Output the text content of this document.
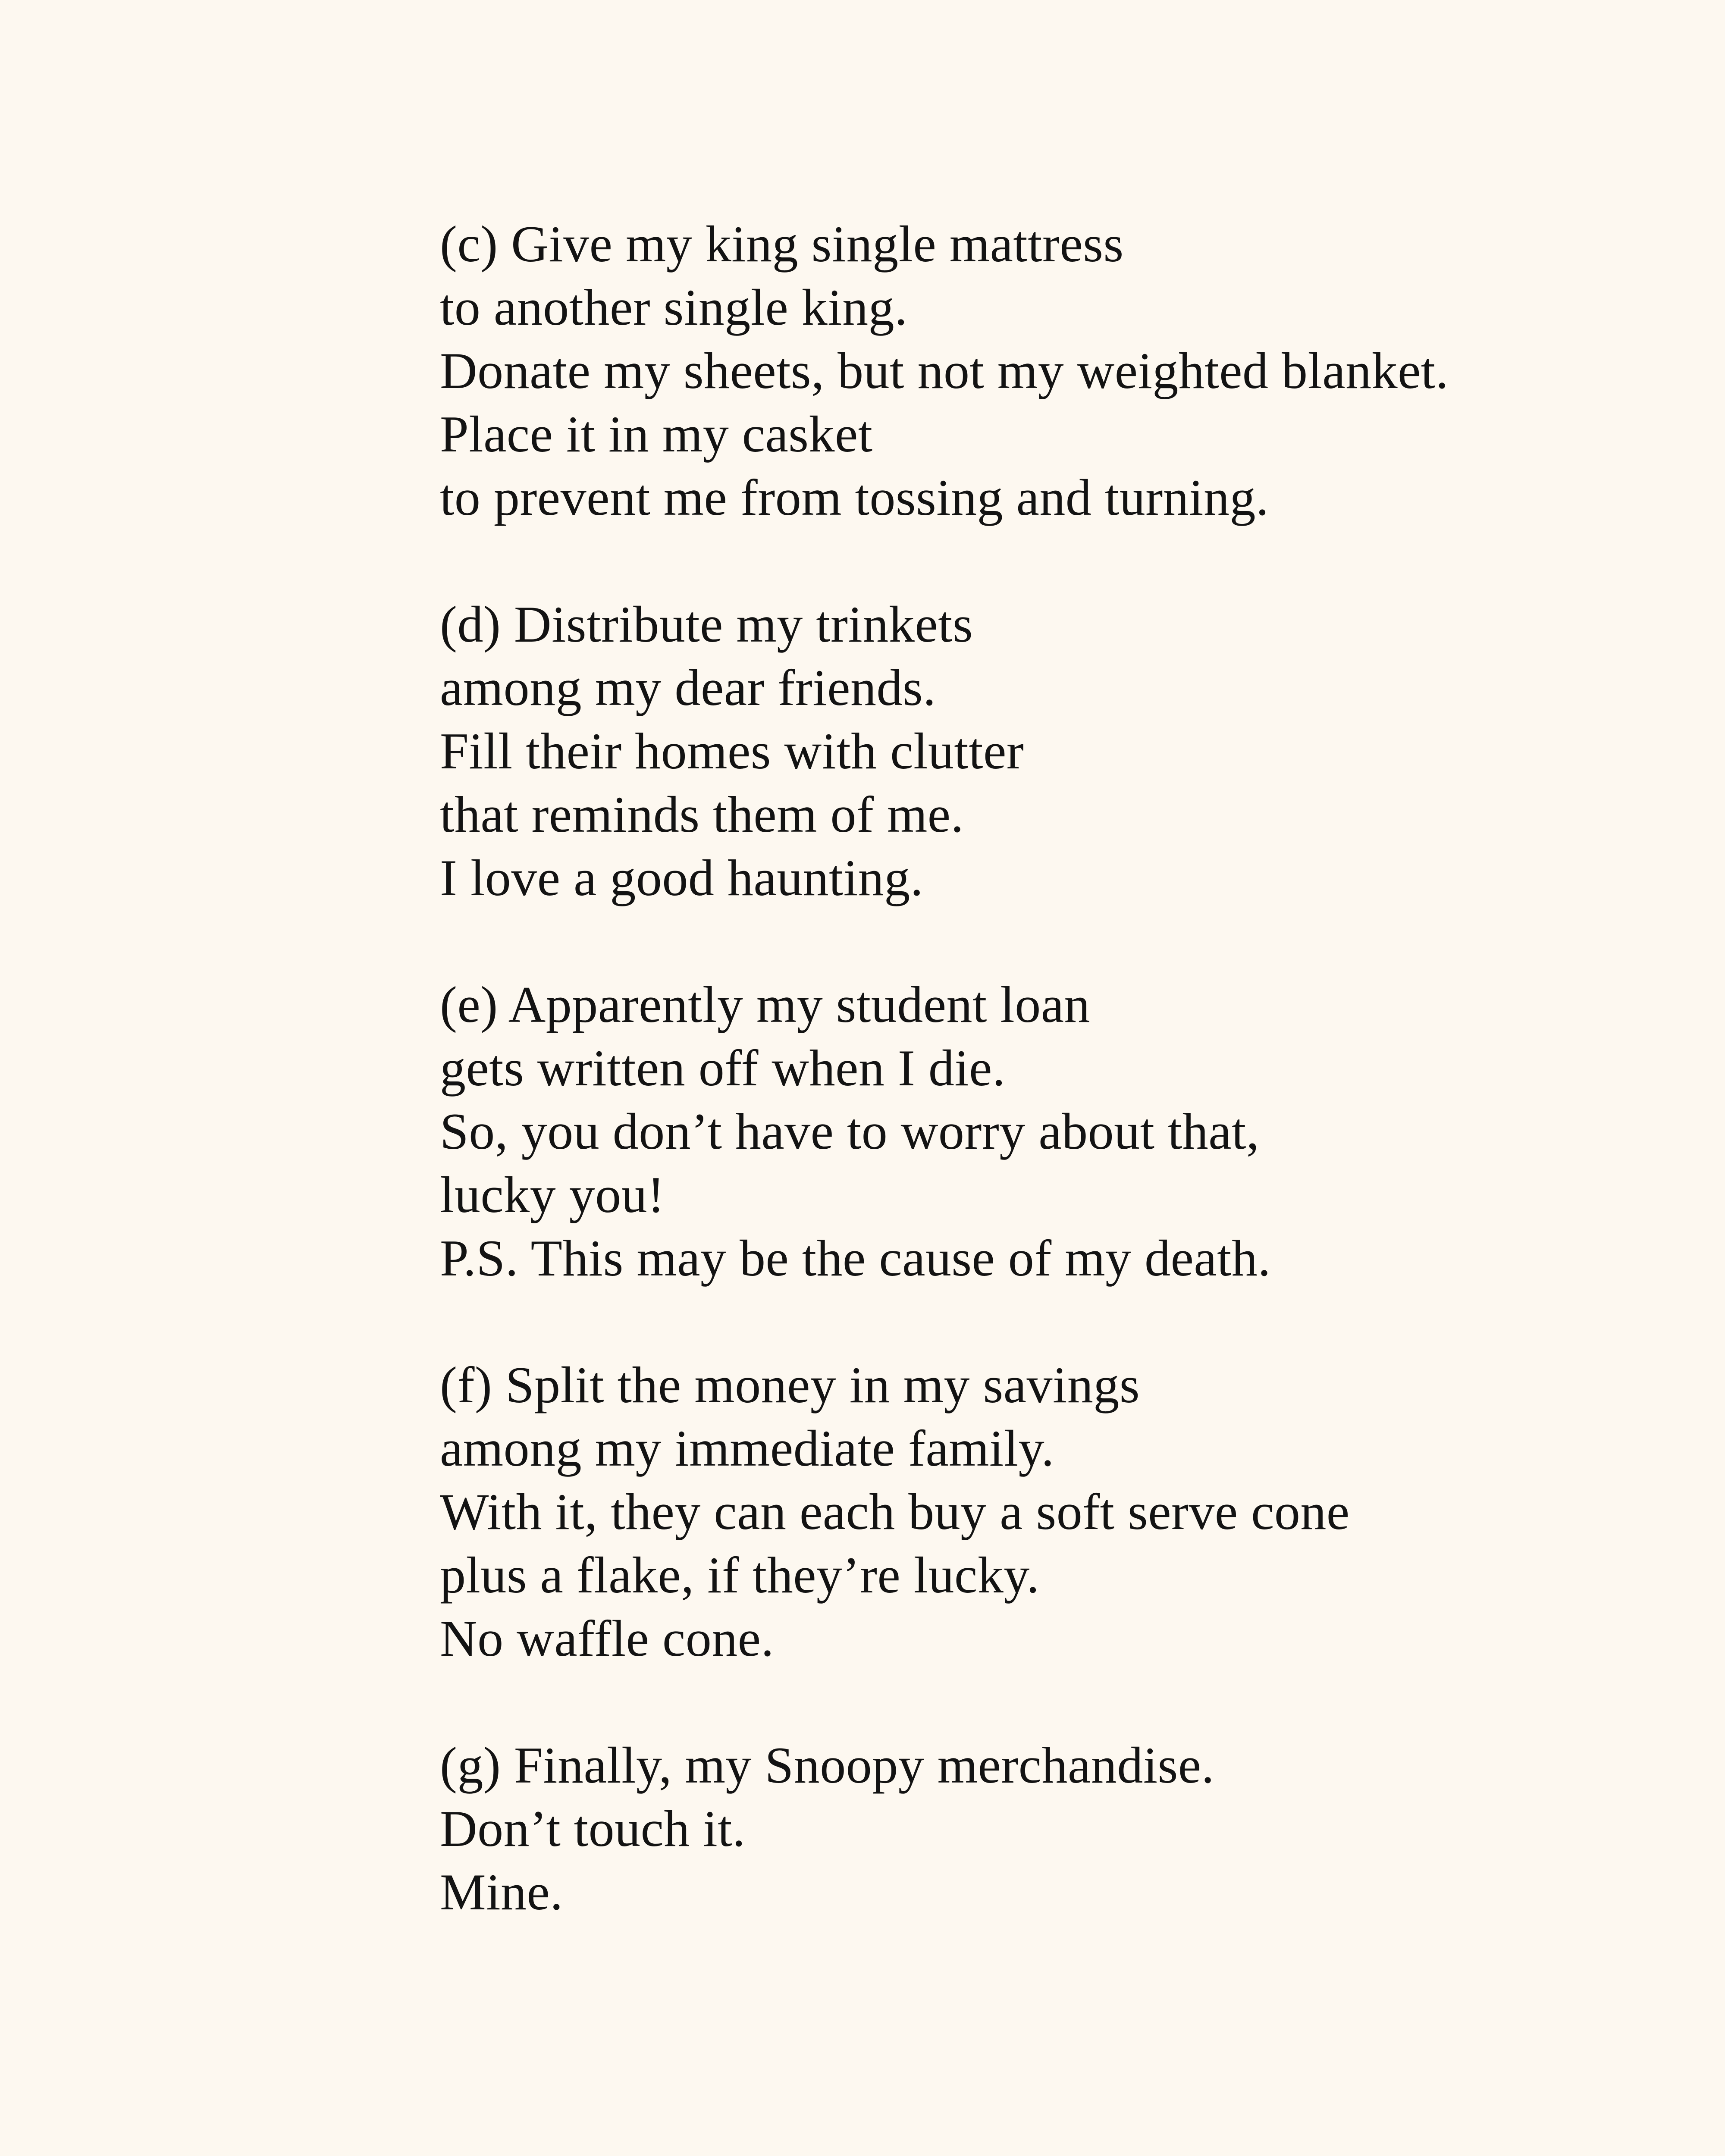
(c) Give my king single mattress

to another single king.

Donate my sheets, but not my weighted blanket.

Place it in my casket

to prevent me from tossing and turning.

(d) Distribute my trinkets

among my dear friends.

Fill their homes with clutter

that reminds them of me.

I love a good haunting.

(e) Apparently my student loan

gets written off when I die.

So, you don’t have to worry about that,

lucky you!

P.S. This may be the cause of my death.

(f) Split the money in my savings

among my immediate family.

With it, they can each buy a soft serve cone

plus a flake, if they’re lucky.

No waffle cone.

(g) Finally, my Snoopy merchandise.

Don’t touch it.

Mine.
